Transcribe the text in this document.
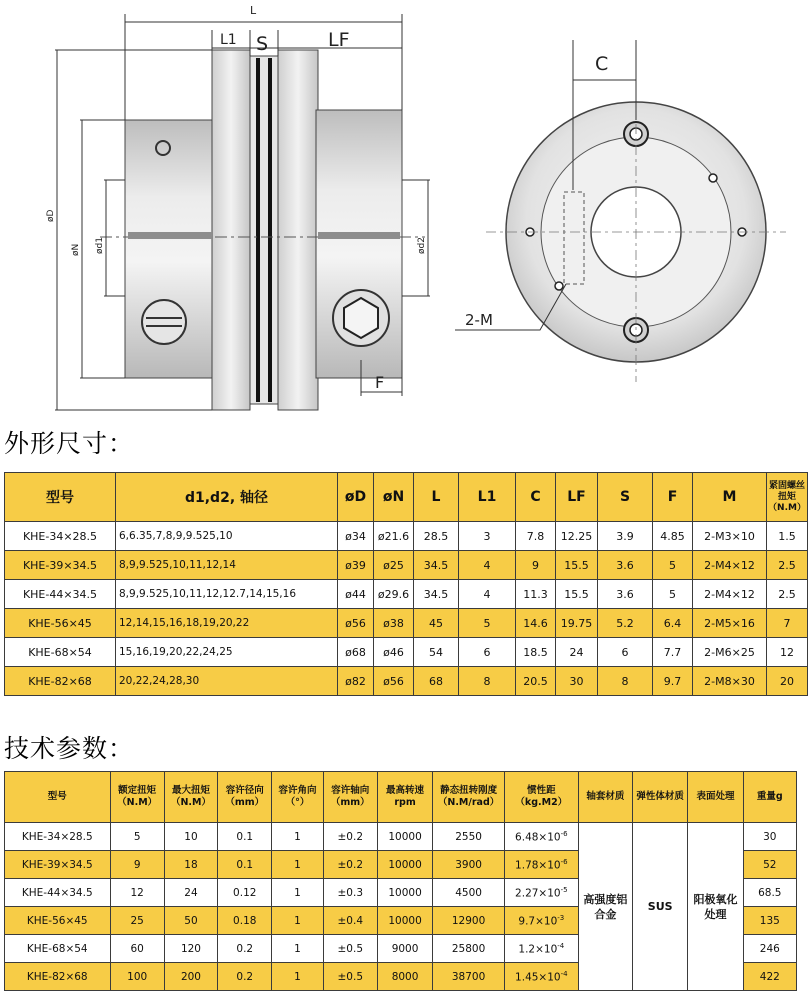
L
L1 S	LF
øD
øN ød1	ød2
F
C
2-M
外形尺寸：
型号	d1,d2, 轴径	øD	øN	L	L1	C	LF	S	F	M	紧固螺丝扭矩（N.M）
KHE-34×28.5	6,6.35,7,8,9,9.525,10	ø34	ø21.6	28.5	3	7.8	12.25	3.9	4.85	2-M3×10	1.5
KHE-39×34.5	8,9,9.525,10,11,12,14	ø39	ø25	34.5	4	9	15.5	3.6	5	2-M4×12	2.5
KHE-44×34.5	8,9,9.525,10,11,12,12.7,14,15,16	ø44	ø29.6	34.5	4	11.3	15.5	3.6	5	2-M4×12	2.5
KHE-56×45	12,14,15,16,18,19,20,22	ø56	ø38	45	5	14.6	19.75	5.2	6.4	2-M5×16	7
KHE-68×54	15,16,19,20,22,24,25	ø68	ø46	54	6	18.5	24	6	7.7	2-M6×25	12
KHE-82×68	20,22,24,28,30	ø82	ø56	68	8	20.5	30	8	9.7	2-M8×30	20
技术参数：
型号	额定扭矩（N.M）	最大扭矩（N.M）	容许径向（mm）	容许角向（°）	容许轴向（mm）	最高转速 rpm	静态扭转刚度（N.M/rad）	惯性距（kg.M2）	轴套材质	弹性体材质	表面处理	重量g
KHE-34×28.5	5	10	0.1	1	±0.2	10000	2550	$6.48\times 10^{-6}$	高强度铝合金	SUS	阳极氧化处理	30
KHE-39×34.5	9	18	0.1	1	±0.2	10000	3900	$1.78\times 10^{-6}$				52
KHE-44×34.5	12	24	0.12	1	±0.3	10000	4500	$2.27\times 10^{-5}$				68.5
KHE-56×45	25	50	0.18	1	±0.4	10000	12900	$9.7\times 10^{-3}$				135
KHE-68×54	60	120	0.2	1	±0.5	9000	25800	$1.2\times 10^{-4}$				246
KHE-82×68	100	200	0.2	1	±0.5	8000	38700	$1.45\times 10^{-4}$				422
